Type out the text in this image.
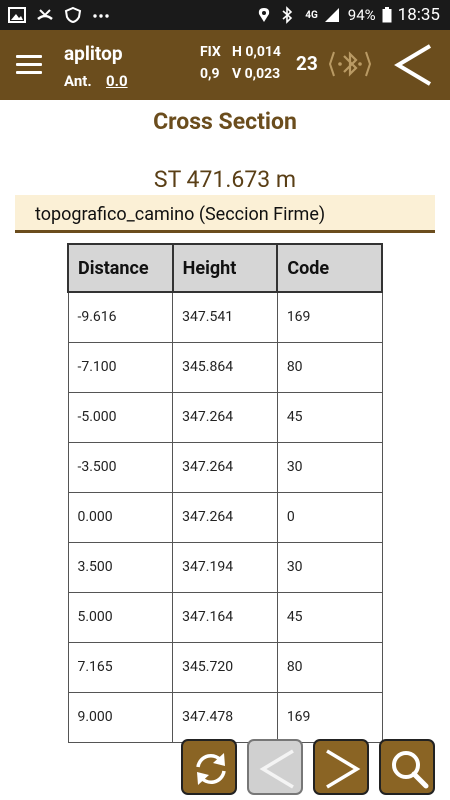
4G 94% 18:35
aplitop
Ant. 0.0
FIX H 0,014
0,9 V 0,023 23
Cross Section
ST 471.673 m
topografico_camino (Seccion Firme)
Distance	Height	Code
-9.616	347.541	169
-7.100	345.864	80
-5.000	347.264	45
-3.500	347.264	30
0.000	347.264	0
3.500	347.194	30
5.000	347.164	45
7.165	345.720	80
9.000	347.478	169
